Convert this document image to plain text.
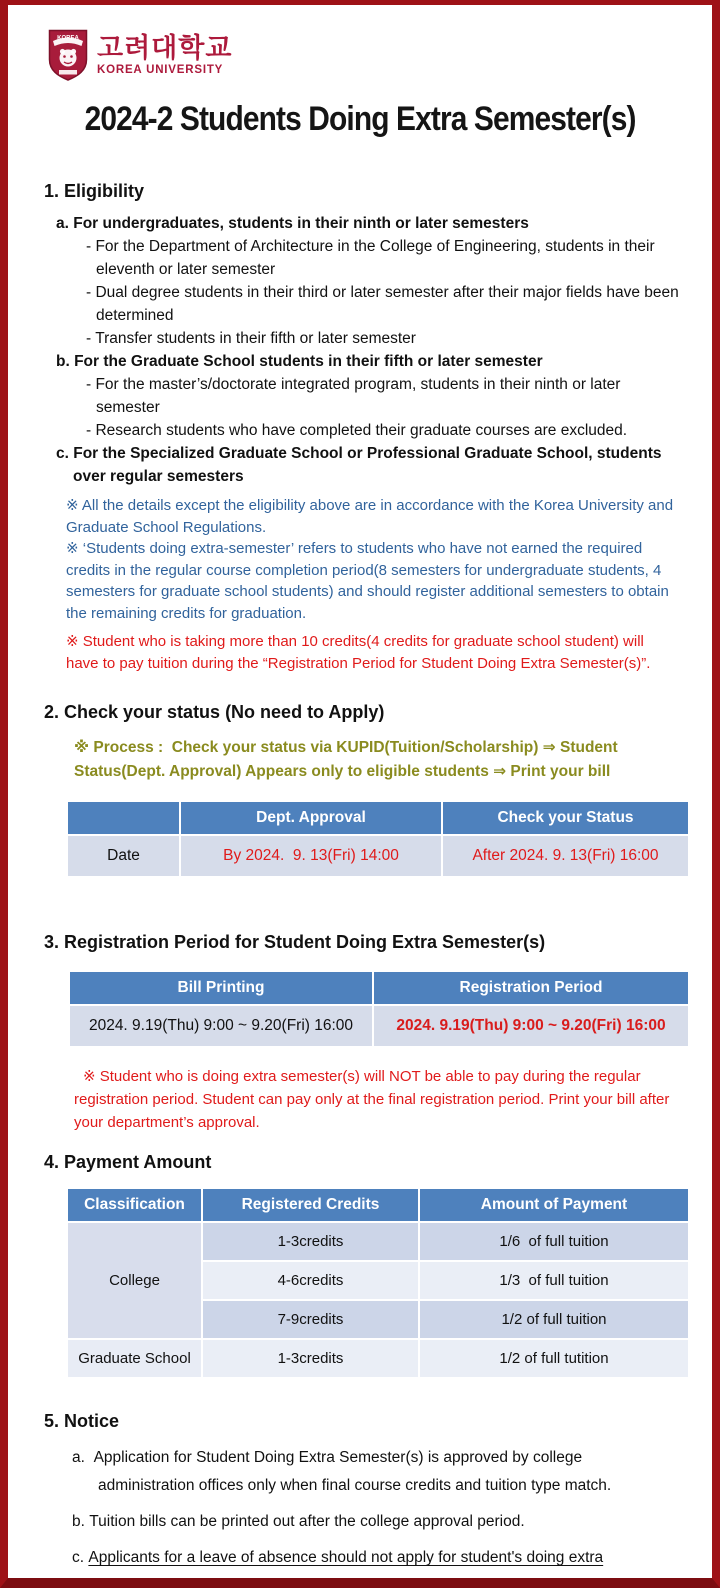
KOREA 고려대학교
KOREA UNIVERSITY
2024-2 Students Doing Extra Semester(s)
1. Eligibility
a. For undergraduates, students in their ninth or later semesters
- For the Department of Architecture in the College of Engineering, students in their eleventh or later semester
- Dual degree students in their third or later semester after their major fields have been determined
- Transfer students in their fifth or later semester
b. For the Graduate School students in their fifth or later semester
- For the master’s/doctorate integrated program, students in their ninth or later semester
- Research students who have completed their graduate courses are excluded.
c. For the Specialized Graduate School or Professional Graduate School, students over regular semesters
※ All the details except the eligibility above are in accordance with the Korea University and Graduate School Regulations.
※ ‘Students doing extra-semester’ refers to students who have not earned the required credits in the regular course completion period(8 semesters for undergraduate students, 4 semesters for graduate school students) and should register additional semesters to obtain the remaining credits for graduation.
※ Student who is taking more than 10 credits(4 credits for graduate school student) will have to pay tuition during the “Registration Period for Student Doing Extra Semester(s)”.
2. Check your status (No need to Apply)
※ Process :  Check your status via KUPID(Tuition/Scholarship) ⇒ Student Status(Dept. Approval) Appears only to eligible students ⇒ Print your bill
	Dept. Approval	Check your Status
Date	By 2024.  9. 13(Fri) 14:00	After 2024. 9. 13(Fri) 16:00
3. Registration Period for Student Doing Extra Semester(s)
Bill Printing	Registration Period
2024. 9.19(Thu) 9:00 ~ 9.20(Fri) 16:00	2024. 9.19(Thu) 9:00 ~ 9.20(Fri) 16:00
※ Student who is doing extra semester(s) will NOT be able to pay during the regular registration period. Student can pay only at the final registration period. Print your bill after your department’s approval.
4. Payment Amount
Classification	Registered Credits	Amount of Payment
College	1-3credits	1/6  of full tuition
	4-6credits	1/3  of full tuition
	7-9credits	1/2 of full tuition
Graduate School	1-3credits	1/2 of full tutition
5. Notice
a. Application for Student Doing Extra Semester(s) is approved by college administration offices only when final course credits and tuition type match.
b. Tuition bills can be printed out after the college approval period.
c. Applicants for a leave of absence should not apply for student's doing extra semester(s) in the relevant semester. They must apply when they return to school.
